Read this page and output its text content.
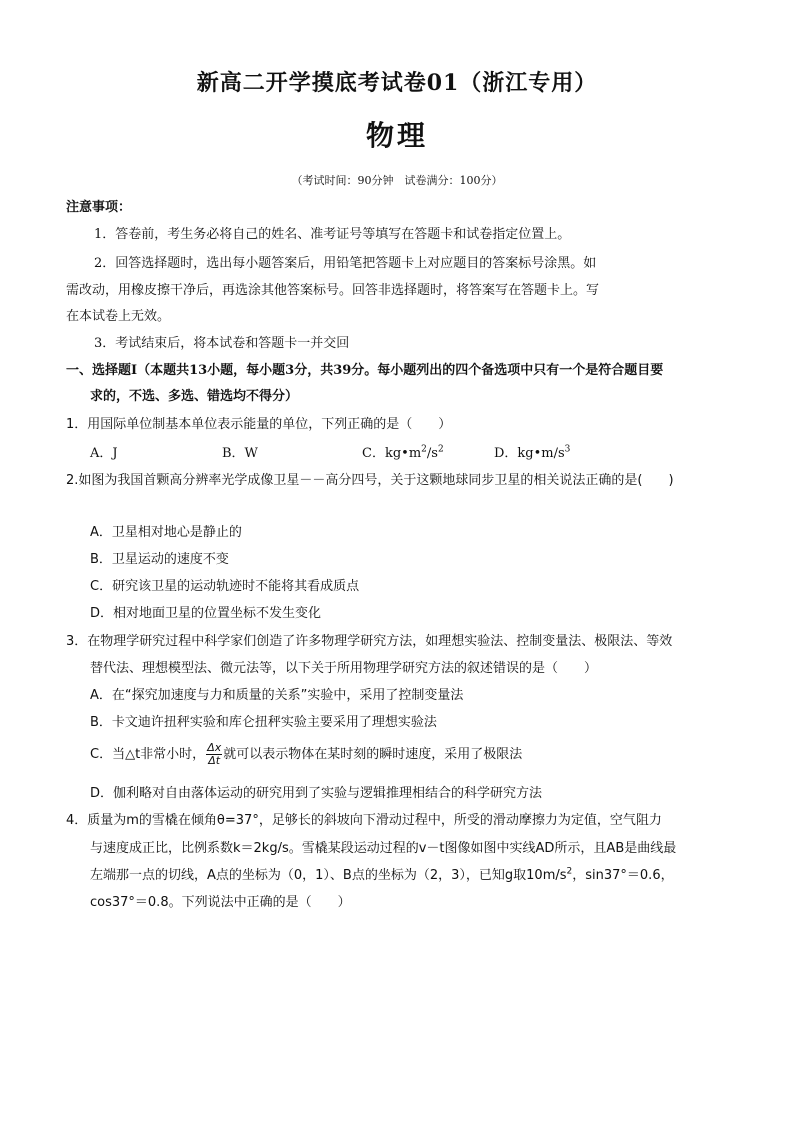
新高二开学摸底考试卷01（浙江专用）
物理
（考试时间：90分钟　试卷满分：100分）
注意事项：
1．答卷前，考生务必将自己的姓名、准考证号等填写在答题卡和试卷指定位置上。
2．回答选择题时，选出每小题答案后，用铅笔把答题卡上对应题目的答案标号涂黑。如
需改动，用橡皮擦干净后，再选涂其他答案标号。回答非选择题时，将答案写在答题卡上。写
在本试卷上无效。
3．考试结束后，将本试卷和答题卡一并交回
一、选择题Ⅰ（本题共13小题，每小题3分，共39分。每小题列出的四个备选项中只有一个是符合题目要
求的，不选、多选、错选均不得分）
1．用国际单位制基本单位表示能量的单位，下列正确的是（　　）
A．J	B．W	C．$kg•m^2/s^2$	D．$kg•m/s^3$
2.如图为我国首颗高分辨率光学成像卫星－－高分四号，关于这颗地球同步卫星的相关说法正确的是(　　)
A．卫星相对地心是静止的
B．卫星运动的速度不变
C．研究该卫星的运动轨迹时不能将其看成质点
D．相对地面卫星的位置坐标不发生变化
3．在物理学研究过程中科学家们创造了许多物理学研究方法，如理想实验法、控制变量法、极限法、等效
替代法、理想模型法、微元法等，以下关于所用物理学研究方法的叙述错误的是（　　）
A．在“探究加速度与力和质量的关系”实验中，采用了控制变量法
B．卡文迪许扭秤实验和库仑扭秤实验主要采用了理想实验法
C．当△t非常小时， $\frac{\Delta x}{\Delta t}$ 就可以表示物体在某时刻的瞬时速度，采用了极限法
D．伽利略对自由落体运动的研究用到了实验与逻辑推理相结合的科学研究方法
4．质量为m的雪橇在倾角θ=37°，足够长的斜坡向下滑动过程中，所受的滑动摩擦力为定值，空气阻力
与速度成正比，比例系数k＝2kg/s。雪橇某段运动过程的v－t图像如图中实线AD所示，且AB是曲线最
左端那一点的切线，A点的坐标为（0，1）、B点的坐标为（2，3），已知g取$10m/s^2$，sin37°＝0.6，
cos37°＝0.8。下列说法中正确的是（　　）
